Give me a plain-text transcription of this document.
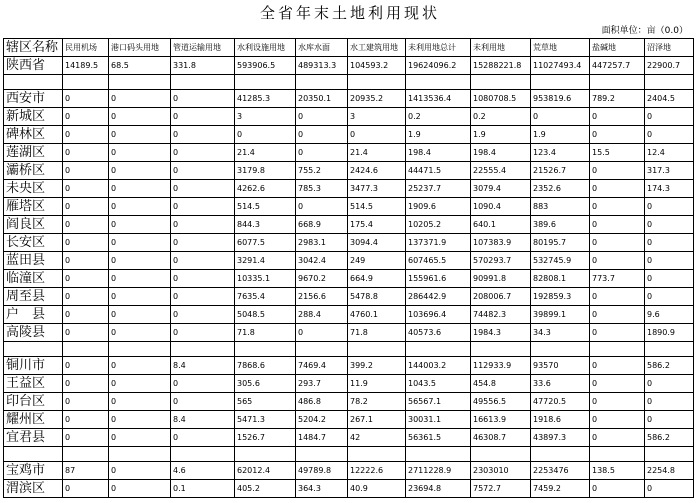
全省年末土地利用现状
面积单位：亩（0.0）
辖区名称	民用机场	港口码头用地	管道运输用地	水利设施用地	水库水面	水工建筑用地	未利用地总计	未利用地	荒草地	盐碱地	沼泽地
陕西省	14189.5	68.5	331.8	593906.5	489313.3	104593.2	19624096.2	15288221.8	11027493.4	447257.7	22900.7

西安市	0	0	0	41285.3	20350.1	20935.2	1413536.4	1080708.5	953819.6	789.2	2404.5
新城区	0	0	0	3	0	3	0.2	0.2	0	0	0
碑林区	0	0	0	0	0	0	1.9	1.9	1.9	0	0
莲湖区	0	0	0	21.4	0	21.4	198.4	198.4	123.4	15.5	12.4
灞桥区	0	0	0	3179.8	755.2	2424.6	44471.5	22555.4	21526.7	0	317.3
未央区	0	0	0	4262.6	785.3	3477.3	25237.7	3079.4	2352.6	0	174.3
雁塔区	0	0	0	514.5	0	514.5	1909.6	1090.4	883	0	0
阎良区	0	0	0	844.3	668.9	175.4	10205.2	640.1	389.6	0	0
长安区	0	0	0	6077.5	2983.1	3094.4	137371.9	107383.9	80195.7	0	0
蓝田县	0	0	0	3291.4	3042.4	249	607465.5	570293.7	532745.9	0	0
临潼区	0	0	0	10335.1	9670.2	664.9	155961.6	90991.8	82808.1	773.7	0
周至县	0	0	0	7635.4	2156.6	5478.8	286442.9	208006.7	192859.3	0	0
户　县	0	0	0	5048.5	288.4	4760.1	103696.4	74482.3	39899.1	0	9.6
高陵县	0	0	0	71.8	0	71.8	40573.6	1984.3	34.3	0	1890.9

铜川市	0	0	8.4	7868.6	7469.4	399.2	144003.2	112933.9	93570	0	586.2
王益区	0	0	0	305.6	293.7	11.9	1043.5	454.8	33.6	0	0
印台区	0	0	0	565	486.8	78.2	56567.1	49556.5	47720.5	0	0
耀州区	0	0	8.4	5471.3	5204.2	267.1	30031.1	16613.9	1918.6	0	0
宜君县	0	0	0	1526.7	1484.7	42	56361.5	46308.7	43897.3	0	586.2

宝鸡市	87	0	4.6	62012.4	49789.8	12222.6	2711228.9	2303010	2253476	138.5	2254.8
渭滨区	0	0	0.1	405.2	364.3	40.9	23694.8	7572.7	7459.2	0	0
